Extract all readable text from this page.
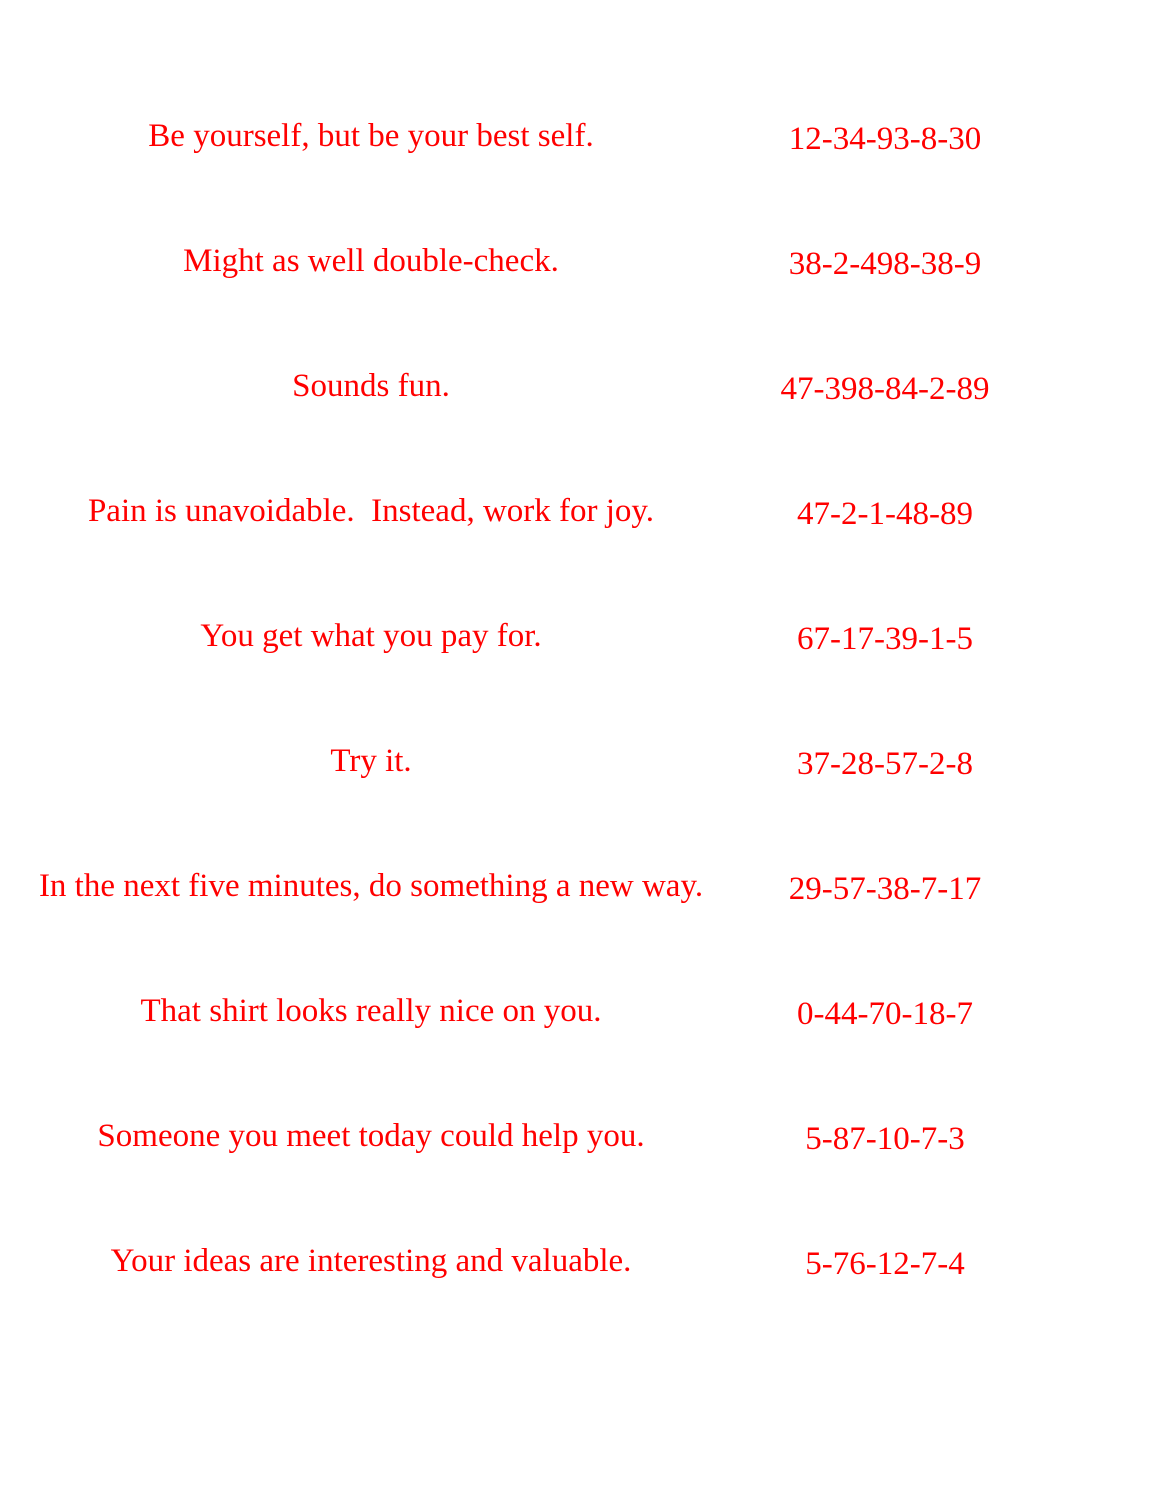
Be yourself, but be your best self.	12-34-93-8-30
Might as well double-check.	38-2-498-38-9
Sounds fun.	47-398-84-2-89
Pain is unavoidable.  Instead, work for joy.	47-2-1-48-89
You get what you pay for.	67-17-39-1-5
Try it.	37-28-57-2-8
In the next five minutes, do something a new way.	29-57-38-7-17
That shirt looks really nice on you.	0-44-70-18-7
Someone you meet today could help you.	5-87-10-7-3
Your ideas are interesting and valuable.	5-76-12-7-4
